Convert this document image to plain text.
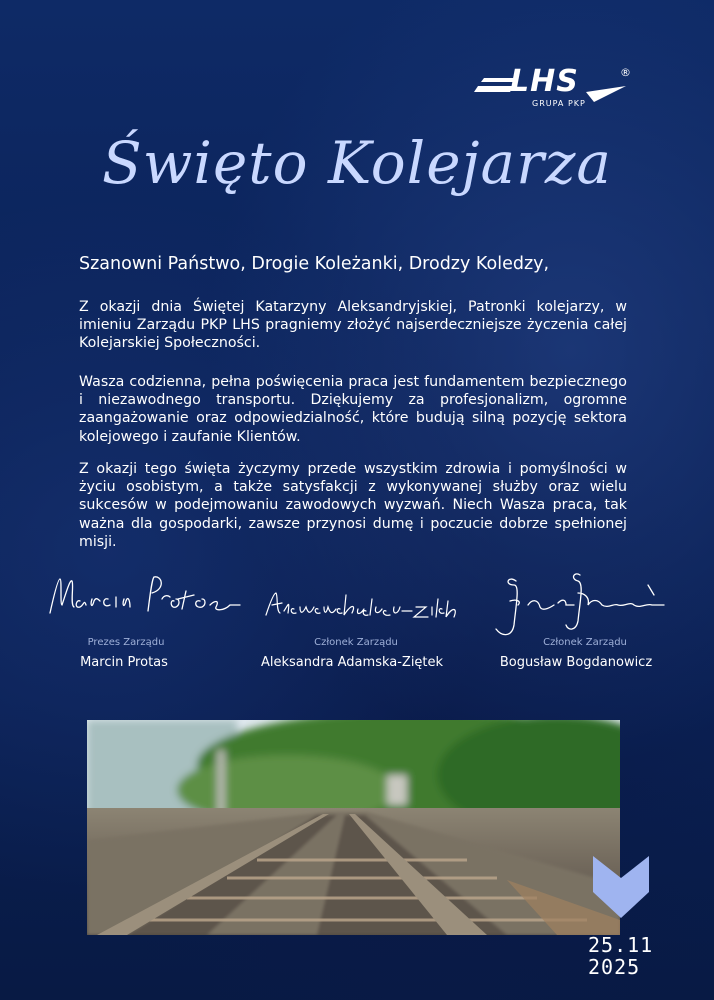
LHS
GRUPA PKP
®
Święto Kolejarza
Szanowni Państwo, Drogie Koleżanki, Drodzy Koledzy,

Z okazji dnia Świętej Katarzyny Aleksandryjskiej, Patronki kolejarzy, w imieniu Zarządu PKP LHS pragniemy złożyć najserdeczniejsze życzenia całej Kolejarskiej Społeczności.

Wasza codzienna, pełna poświęcenia praca jest fundamentem bezpiecznego i niezawodnego transportu. Dziękujemy za profesjonalizm, ogromne zaangażowanie oraz odpowiedzialność, które budują silną pozycję sektora kolejowego i zaufanie Klientów.

Z okazji tego święta życzymy przede wszystkim zdrowia i pomyślności w życiu osobistym, a także satysfakcji z wykonywanej służby oraz wielu sukcesów w podejmowaniu zawodowych wyzwań. Niech Wasza praca, tak ważna dla gospodarki, zawsze przynosi dumę i poczucie dobrze spełnionej misji.

Prezes Zarządu
Marcin Protas
Członek Zarządu
Aleksandra Adamska-Ziętek
Członek Zarządu
Bogusław Bogdanowicz
25.11
2025
